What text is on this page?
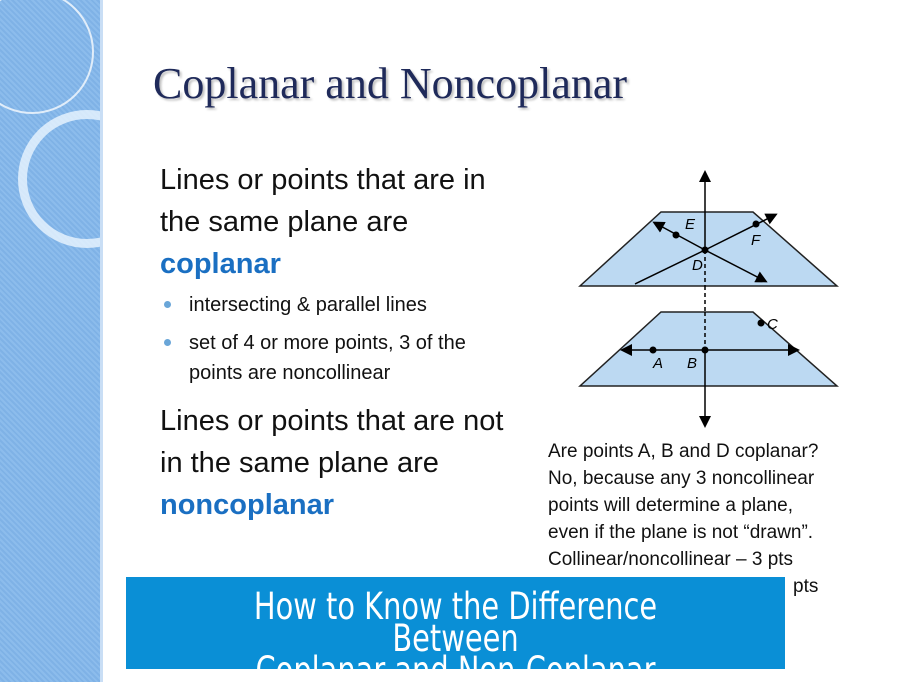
Coplanar and Noncoplanar

Lines or points that are in the same plane are coplanar

intersecting & parallel lines
set of 4 or more points, 3 of the points are noncollinear

Lines or points that are not in the same plane are noncoplanar

E
F
D
A B
C
Are points A, B and D coplanar?
No, because any 3 noncollinear
points will determine a plane,
even if the plane is not “drawn”.
Collinear/noncollinear – 3 pts
pts
How to Know the Difference Between
Coplanar and Non-Coplanar
